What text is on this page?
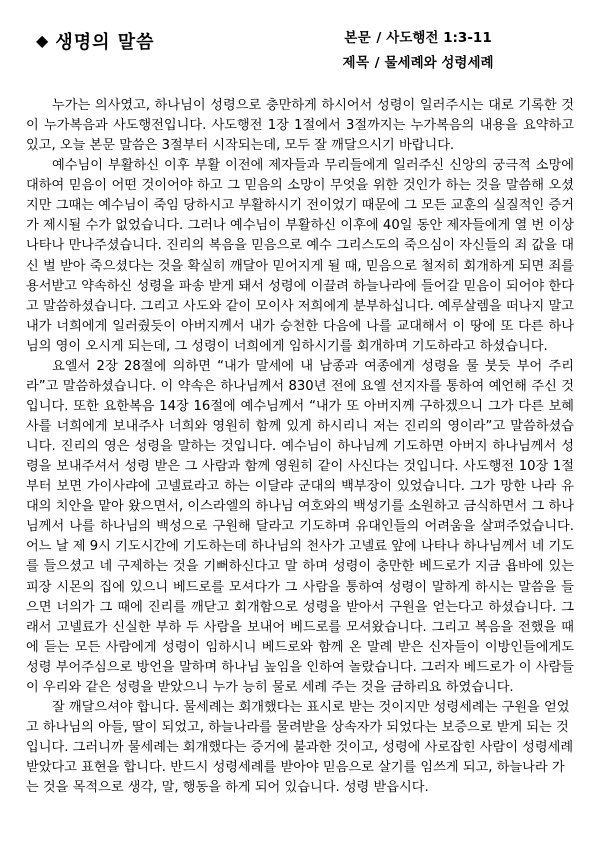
◆ 생명의 말씀	본문 / 사도행전 1:3-11
제목 / 물세례와 성령세례

누가는 의사였고, 하나님이 성령으로 충만하게 하시어서 성령이 일러주시는 대로 기록한 것이 누가복음과 사도행전입니다. 사도행전 1장 1절에서 3절까지는 누가복음의 내용을 요약하고 있고, 오늘 본문 말씀은 3절부터 시작되는데, 모두 잘 깨달으시기 바랍니다.

예수님이 부활하신 이후 부활 이전에 제자들과 무리들에게 일러주신 신앙의 궁극적 소망에 대하여 믿음이 어떤 것이어야 하고 그 믿음의 소망이 무엇을 위한 것인가 하는 것을 말씀해 오셨지만 그때는 예수님이 죽임 당하시고 부활하시기 전이었기 때문에 그 모든 교훈의 실질적인 증거가 제시될 수가 없었습니다. 그러나 예수님이 부활하신 이후에 40일 동안 제자들에게 열 번 이상 나타나 만나주셨습니다. 진리의 복음을 믿음으로 예수 그리스도의 죽으심이 자신들의 죄 값을 대신 벌 받아 죽으셨다는 것을 확실히 깨달아 믿어지게 될 때, 믿음으로 철저히 회개하게 되면 죄를 용서받고 약속하신 성령을 파송 받게 돼서 성령에 이끌려 하늘나라에 들어갈 믿음이 되어야 한다고 말씀하셨습니다. 그리고 사도와 같이 모이사 저희에게 분부하십니다. 예루살렘을 떠나지 말고 내가 너희에게 일러줬듯이 아버지께서 내가 승천한 다음에 나를 교대해서 이 땅에 또 다른 하나님의 영이 오시게 되는데, 그 성령이 너희에게 임하시기를 회개하며 기도하라고 하셨습니다.

요엘서 2장 28절에 의하면 “내가 말세에 내 남종과 여종에게 성령을 물 붓듯 부어 주리라”고 말씀하셨습니다. 이 약속은 하나님께서 830년 전에 요엘 선지자를 통하여 예언해 주신 것입니다. 또한 요한복음 14장 16절에 예수님께서 “내가 또 아버지께 구하겠으니 그가 다른 보혜사를 너희에게 보내주사 너희와 영원히 함께 있게 하시리니 저는 진리의 영이라”고 말씀하셨습니다. 진리의 영은 성령을 말하는 것입니다. 예수님이 하나님께 기도하면 아버지 하나님께서 성령을 보내주셔서 성령 받은 그 사람과 함께 영원히 같이 사신다는 것입니다. 사도행전 10장 1절부터 보면 가이사랴에 고넬료라고 하는 이달랴 군대의 백부장이 있었습니다. 그가 망한 나라 유대의 치안을 맡아 왔으면서, 이스라엘의 하나님 여호와의 백성기를 소원하고 금식하면서 그 하나님께서 나를 하나님의 백성으로 구원해 달라고 기도하며 유대인들의 어려움을 살펴주었습니다. 어느 날 제 9시 기도시간에 기도하는데 하나님의 천사가 고넬료 앞에 나타나 하나님께서 네 기도를 들으셨고 네 구제하는 것을 기뻐하신다고 말 하며 성령이 충만한 베드로가 지금 욥바에 있는 피장 시몬의 집에 있으니 베드로를 모셔다가 그 사람을 통하여 성령이 말하게 하시는 말씀을 들으면 너의가 그 때에 진리를 깨닫고 회개함으로 성령을 받아서 구원을 얻는다고 하셨습니다. 그래서 고넬료가 신실한 부하 두 사람을 보내어 베드로를 모셔왔습니다. 그리고 복음을 전했을 때에 듣는 모든 사람에게 성령이 임하시니 베드로와 함께 온 말례 받은 신자들이 이방인들에게도 성령 부어주심으로 방언을 말하며 하나님 높임을 인하여 놀랐습니다. 그러자 베드로가 이 사람들이 우리와 같은 성령을 받았으니 누가 능히 물로 세례 주는 것을 금하리요 하였습니다.

잘 깨달으셔야 합니다. 물세례는 회개했다는 표시로 받는 것이지만 성령세례는 구원을 얻었고 하나님의 아들, 딸이 되었고, 하늘나라를 물려받을 상속자가 되었다는 보증으로 받게 되는 것입니다. 그러니까 물세례는 회개했다는 증거에 불과한 것이고, 성령에 사로잡힌 사람이 성령세례 받았다고 표현을 합니다. 반드시 성령세례를 받아야 믿음으로 살기를 임쓰게 되고, 하늘나라 가는 것을 목적으로 생각, 말, 행동을 하게 되어 있습니다. 성령 받읍시다.
